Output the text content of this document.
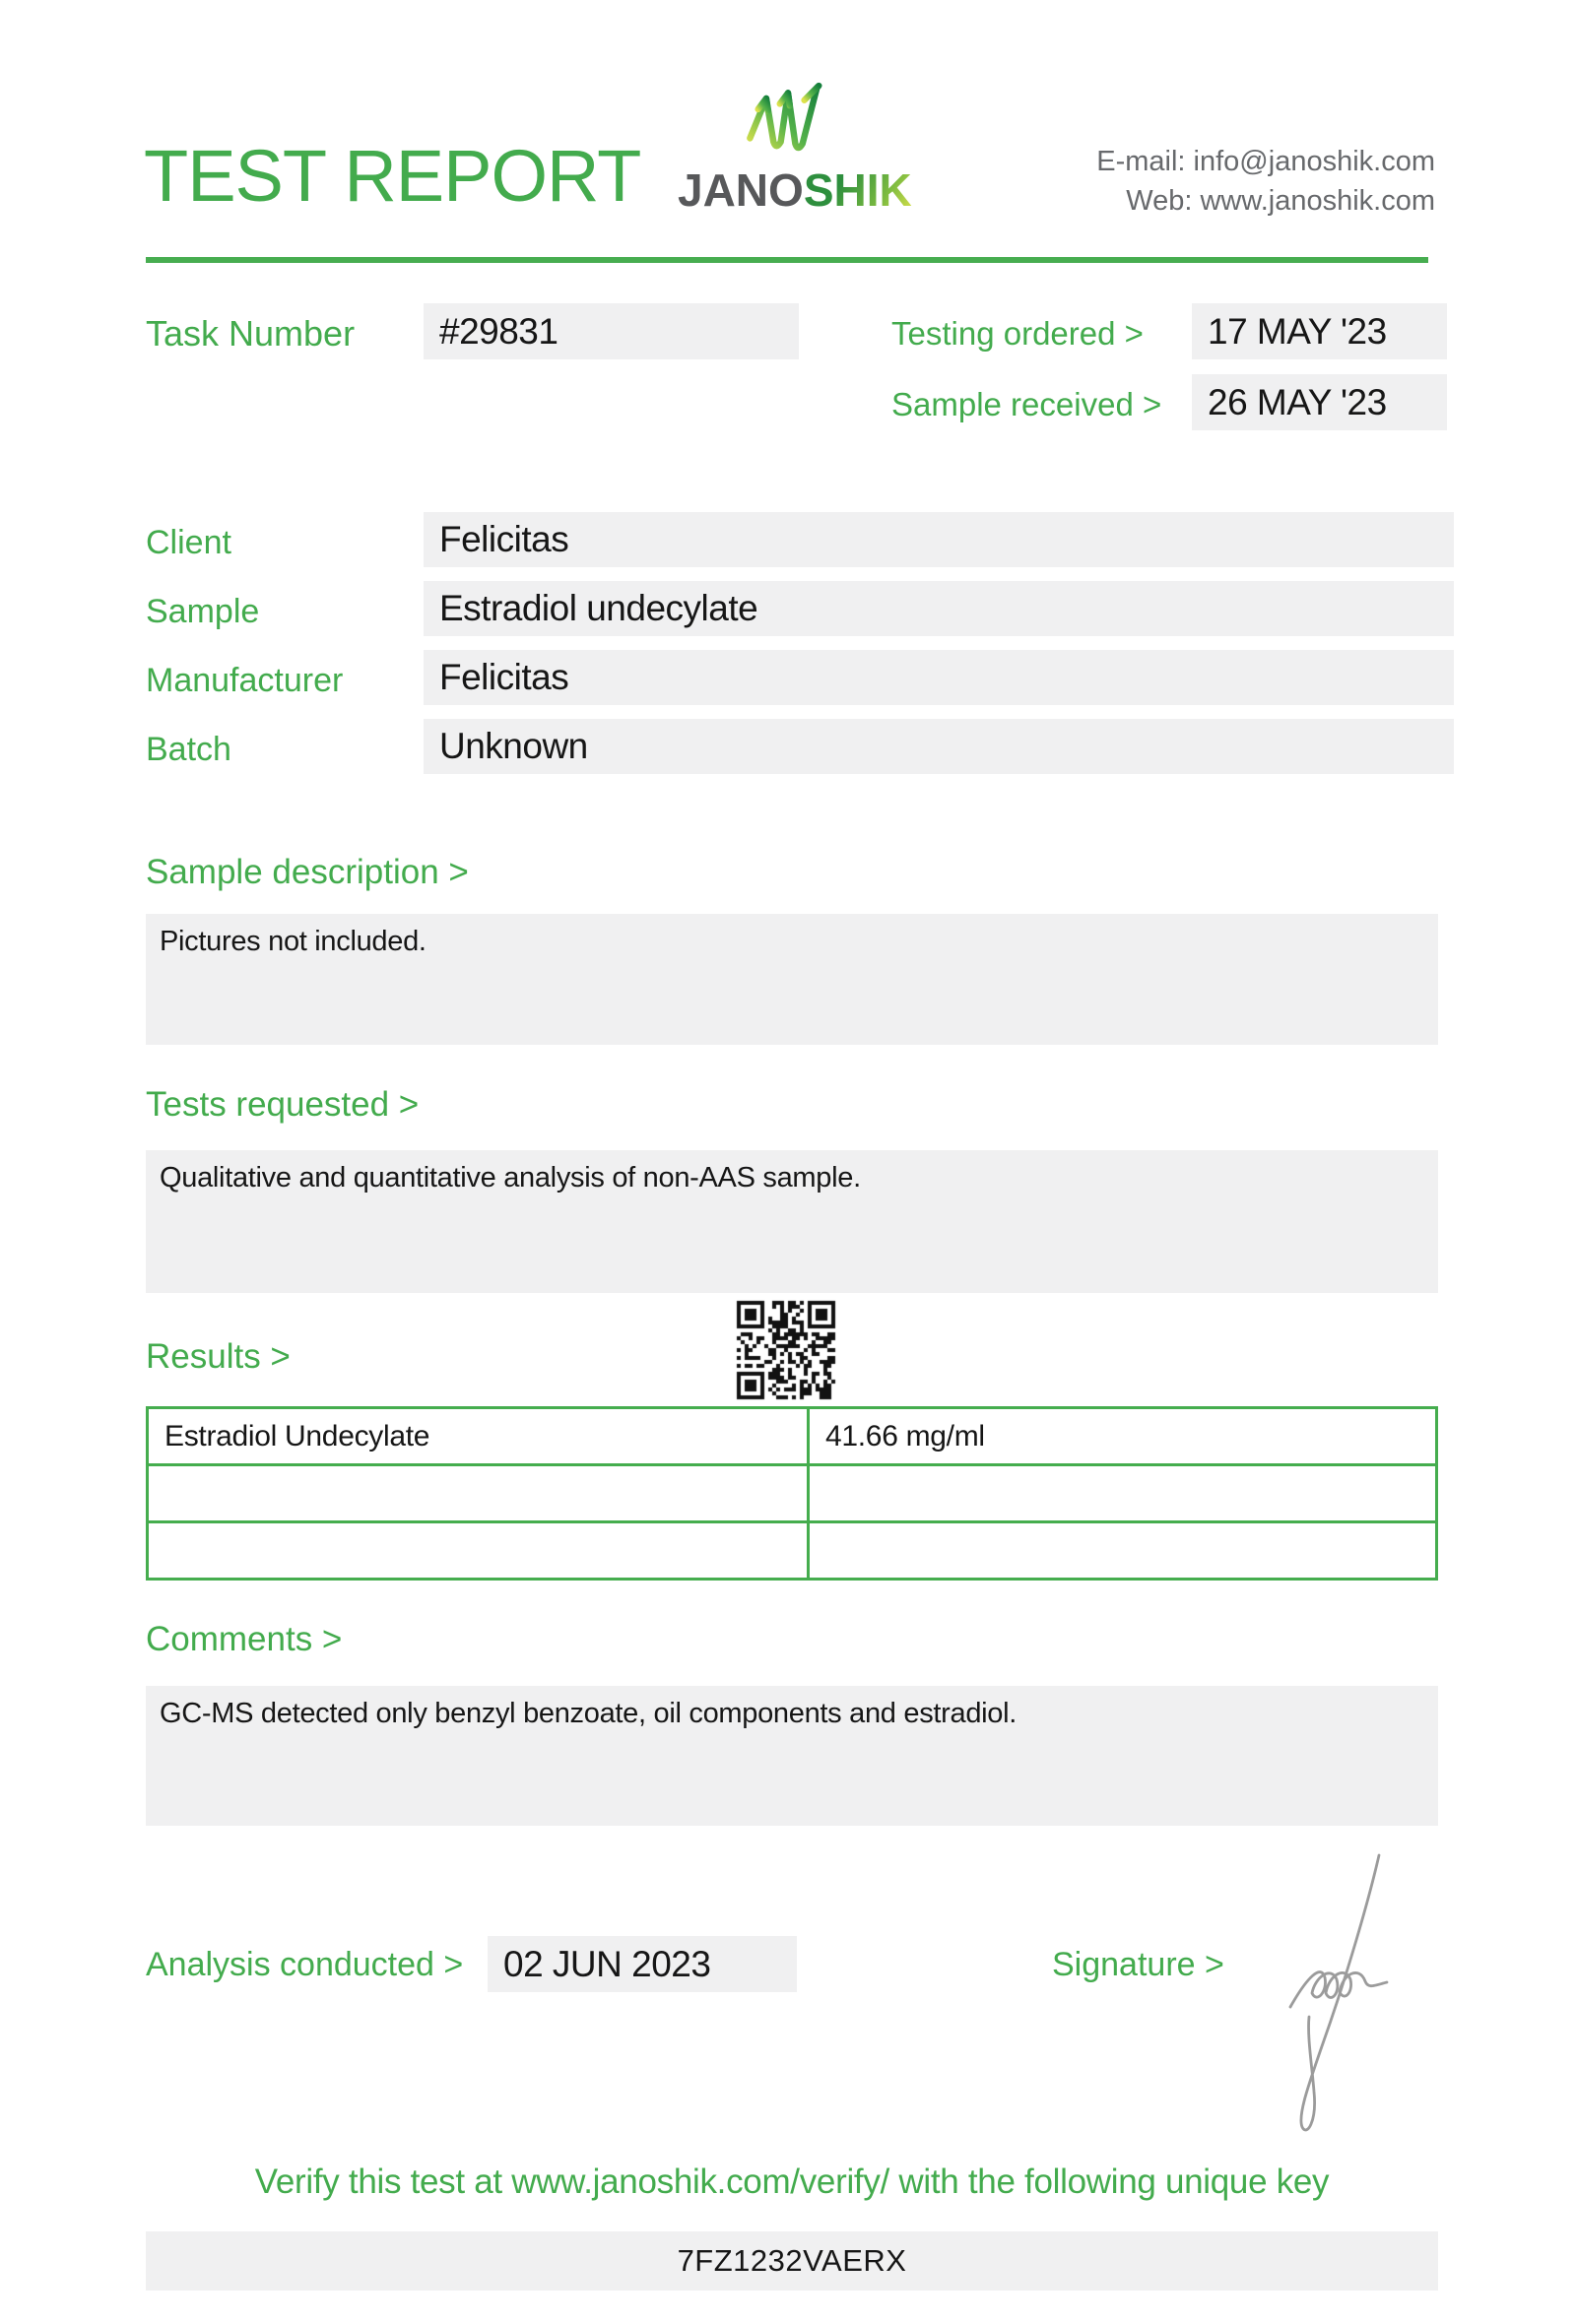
TEST REPORT JANOSHIK
E-mail: info@janoshik.com
Web: www.janoshik.com
Task Number	#29831	Testing ordered >	17 MAY '23
Sample received >	26 MAY '23
Client	Felicitas
Sample	Estradiol undecylate
Manufacturer	Felicitas
Batch	Unknown
Sample description >
Pictures not included.
Tests requested >
Qualitative and quantitative analysis of non-AAS sample.
Results >
Estradiol Undecylate	41.66 mg/ml

Comments >
GC-MS detected only benzyl benzoate, oil components and estradiol.
Analysis conducted >	02 JUN 2023	Signature >
Verify this test at www.janoshik.com/verify/ with the following unique key
7FZ1232VAERX
